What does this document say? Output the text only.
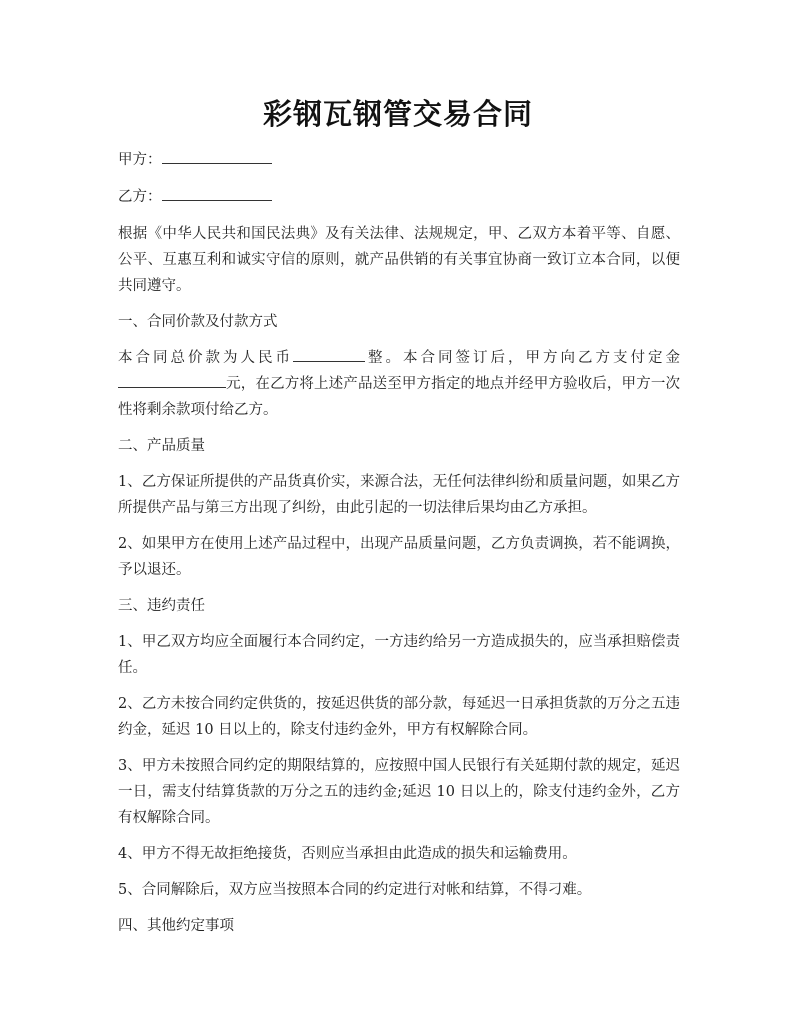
彩钢瓦钢管交易合同

甲方：

乙方：

根据《中华人民共和国民法典》及有关法律、法规规定，甲、乙双方本着平等、自愿、公平、互惠互利和诚实守信的原则，就产品供销的有关事宜协商一致订立本合同，以便共同遵守。

一、合同价款及付款方式

本合同总价款为人民币	整。本合同签订后，甲方向乙方支付定金元，在乙方将上述产品送至甲方指定的地点并经甲方验收后，甲方一次性将剩余款项付给乙方。

二、产品质量

1、乙方保证所提供的产品货真价实，来源合法，无任何法律纠纷和质量问题，如果乙方所提供产品与第三方出现了纠纷，由此引起的一切法律后果均由乙方承担。

2、如果甲方在使用上述产品过程中，出现产品质量问题，乙方负责调换，若不能调换，予以退还。

三、违约责任

1、甲乙双方均应全面履行本合同约定，一方违约给另一方造成损失的，应当承担赔偿责任。

2、乙方未按合同约定供货的，按延迟供货的部分款，每延迟一日承担货款的万分之五违约金，延迟 10 日以上的，除支付违约金外，甲方有权解除合同。

3、甲方未按照合同约定的期限结算的，应按照中国人民银行有关延期付款的规定，延迟一日，需支付结算货款的万分之五的违约金;延迟 10 日以上的，除支付违约金外，乙方有权解除合同。

4、甲方不得无故拒绝接货，否则应当承担由此造成的损失和运输费用。

5、合同解除后，双方应当按照本合同的约定进行对帐和结算，不得刁难。

四、其他约定事项
